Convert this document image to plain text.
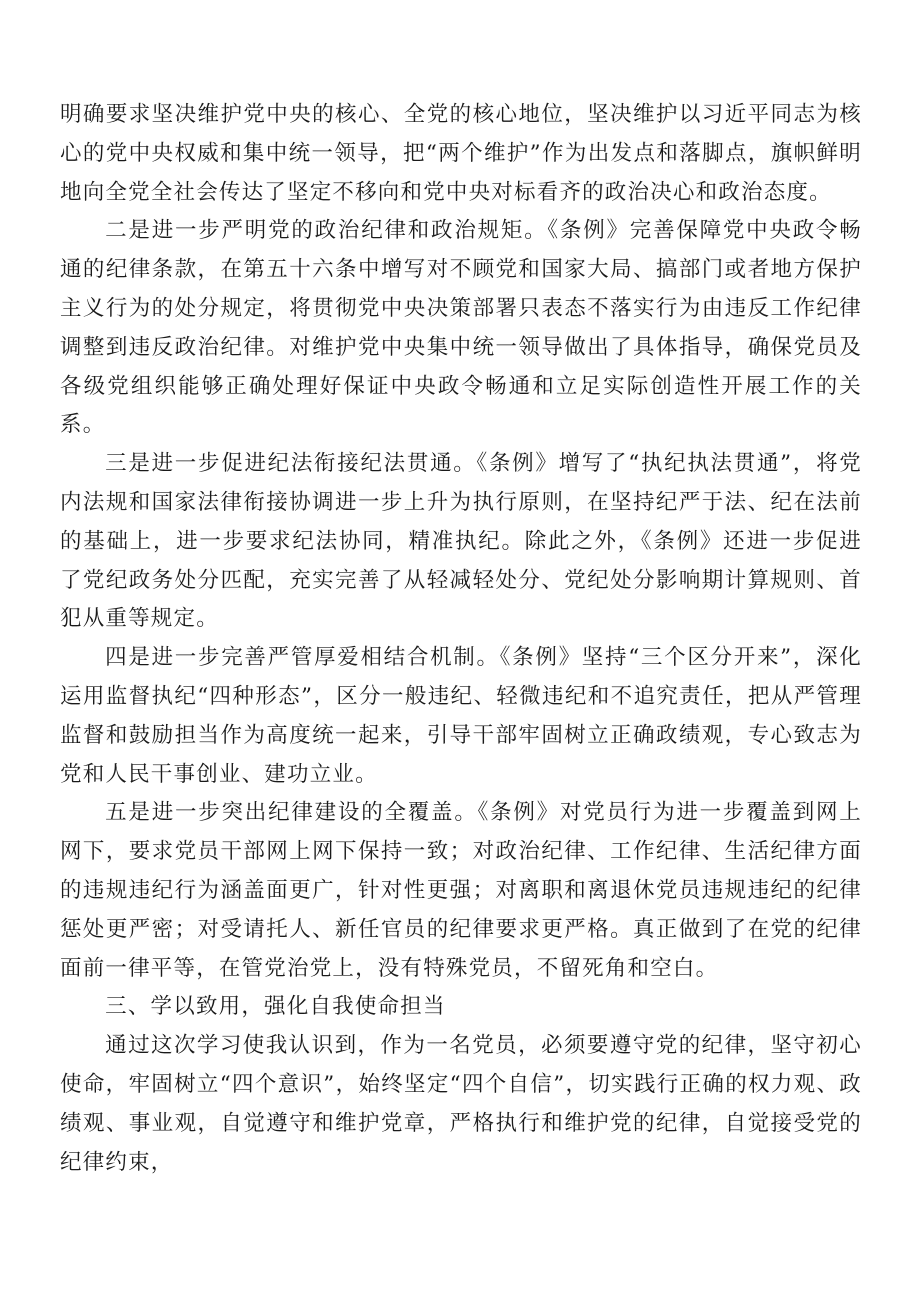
明确要求坚决维护党中央的核心、全党的核心地位，坚决维护以习近平同志为核心的党中央权威和集中统一领导，把“两个维护”作为出发点和落脚点，旗帜鲜明地向全党全社会传达了坚定不移向和党中央对标看齐的政治决心和政治态度。

二是进一步严明党的政治纪律和政治规矩。《条例》完善保障党中央政令畅通的纪律条款，在第五十六条中增写对不顾党和国家大局、搞部门或者地方保护主义行为的处分规定，将贯彻党中央决策部署只表态不落实行为由违反工作纪律调整到违反政治纪律。对维护党中央集中统一领导做出了具体指导，确保党员及各级党组织能够正确处理好保证中央政令畅通和立足实际创造性开展工作的关系。

三是进一步促进纪法衔接纪法贯通。《条例》增写了“执纪执法贯通”，将党内法规和国家法律衔接协调进一步上升为执行原则，在坚持纪严于法、纪在法前的基础上，进一步要求纪法协同，精准执纪。除此之外，《条例》还进一步促进了党纪政务处分匹配，充实完善了从轻减轻处分、党纪处分影响期计算规则、首犯从重等规定。

四是进一步完善严管厚爱相结合机制。《条例》坚持“三个区分开来”，深化运用监督执纪“四种形态”，区分一般违纪、轻微违纪和不追究责任，把从严管理监督和鼓励担当作为高度统一起来，引导干部牢固树立正确政绩观，专心致志为党和人民干事创业、建功立业。

五是进一步突出纪律建设的全覆盖。《条例》对党员行为进一步覆盖到网上网下，要求党员干部网上网下保持一致；对政治纪律、工作纪律、生活纪律方面的违规违纪行为涵盖面更广，针对性更强；对离职和离退休党员违规违纪的纪律惩处更严密；对受请托人、新任官员的纪律要求更严格。真正做到了在党的纪律面前一律平等，在管党治党上，没有特殊党员，不留死角和空白。

三、学以致用，强化自我使命担当

通过这次学习使我认识到，作为一名党员，必须要遵守党的纪律，坚守初心使命，牢固树立“四个意识”，始终坚定“四个自信”，切实践行正确的权力观、政绩观、事业观，自觉遵守和维护党章，严格执行和维护党的纪律，自觉接受党的纪律约束，
